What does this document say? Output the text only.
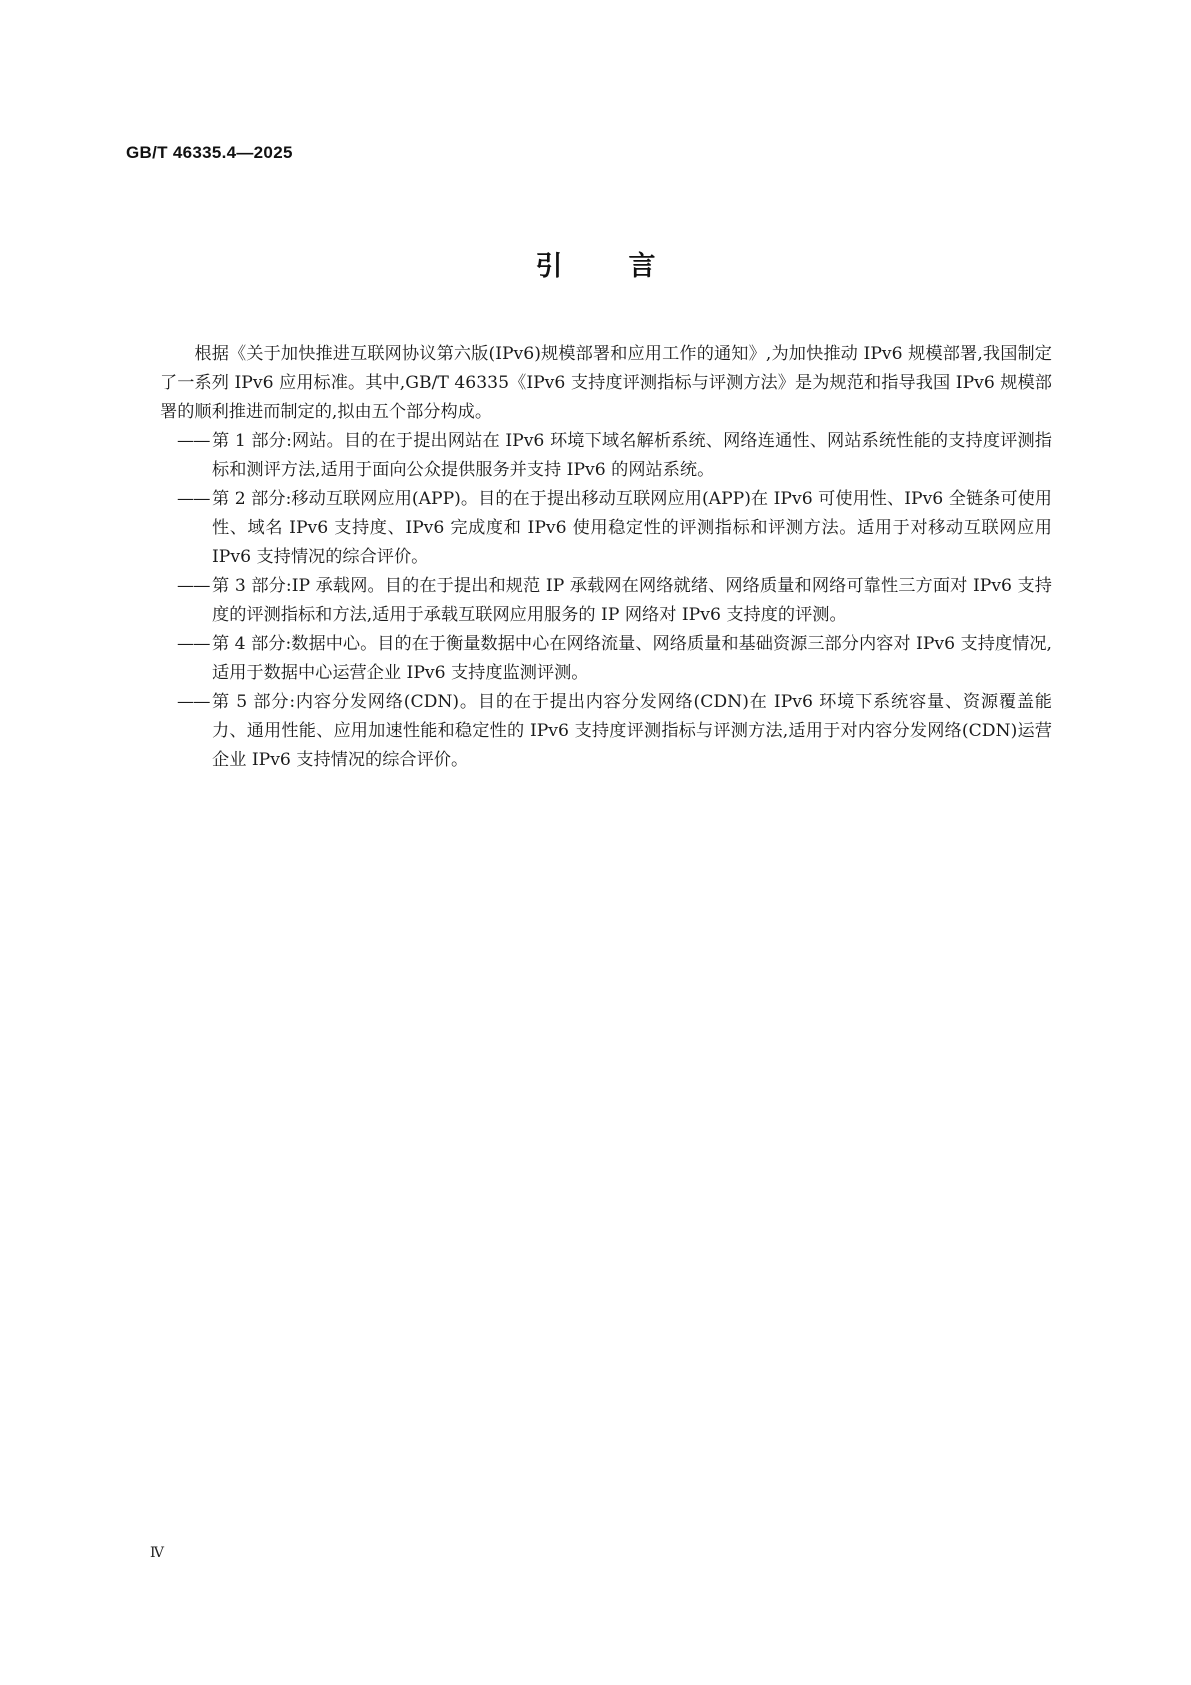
GB/T 46335.4—2025
引言

根据《关于加快推进互联网协议第六版(IPv6)规模部署和应用工作的通知》,为加快推动 IPv6 规模部署,我国制定了一系列 IPv6 应用标准。其中,GB/T 46335《IPv6 支持度评测指标与评测方法》是为规范和指导我国 IPv6 规模部署的顺利推进而制定的,拟由五个部分构成。

—— 第 1 部分:网站。目的在于提出网站在 IPv6 环境下域名解析系统、网络连通性、网站系统性能的支持度评测指标和测评方法,适用于面向公众提供服务并支持 IPv6 的网站系统。
—— 第 2 部分:移动互联网应用(APP)。目的在于提出移动互联网应用(APP)在 IPv6 可使用性、IPv6 全链条可使用性、域名 IPv6 支持度、IPv6 完成度和 IPv6 使用稳定性的评测指标和评测方法。适用于对移动互联网应用 IPv6 支持情况的综合评价。
—— 第 3 部分:IP 承载网。目的在于提出和规范 IP 承载网在网络就绪、网络质量和网络可靠性三方面对 IPv6 支持度的评测指标和方法,适用于承载互联网应用服务的 IP 网络对 IPv6 支持度的评测。
—— 第 4 部分:数据中心。目的在于衡量数据中心在网络流量、网络质量和基础资源三部分内容对 IPv6 支持度情况,适用于数据中心运营企业 IPv6 支持度监测评测。
—— 第 5 部分:内容分发网络(CDN)。目的在于提出内容分发网络(CDN)在 IPv6 环境下系统容量、资源覆盖能力、通用性能、应用加速性能和稳定性的 IPv6 支持度评测指标与评测方法,适用于对内容分发网络(CDN)运营企业 IPv6 支持情况的综合评价。
Ⅳ
